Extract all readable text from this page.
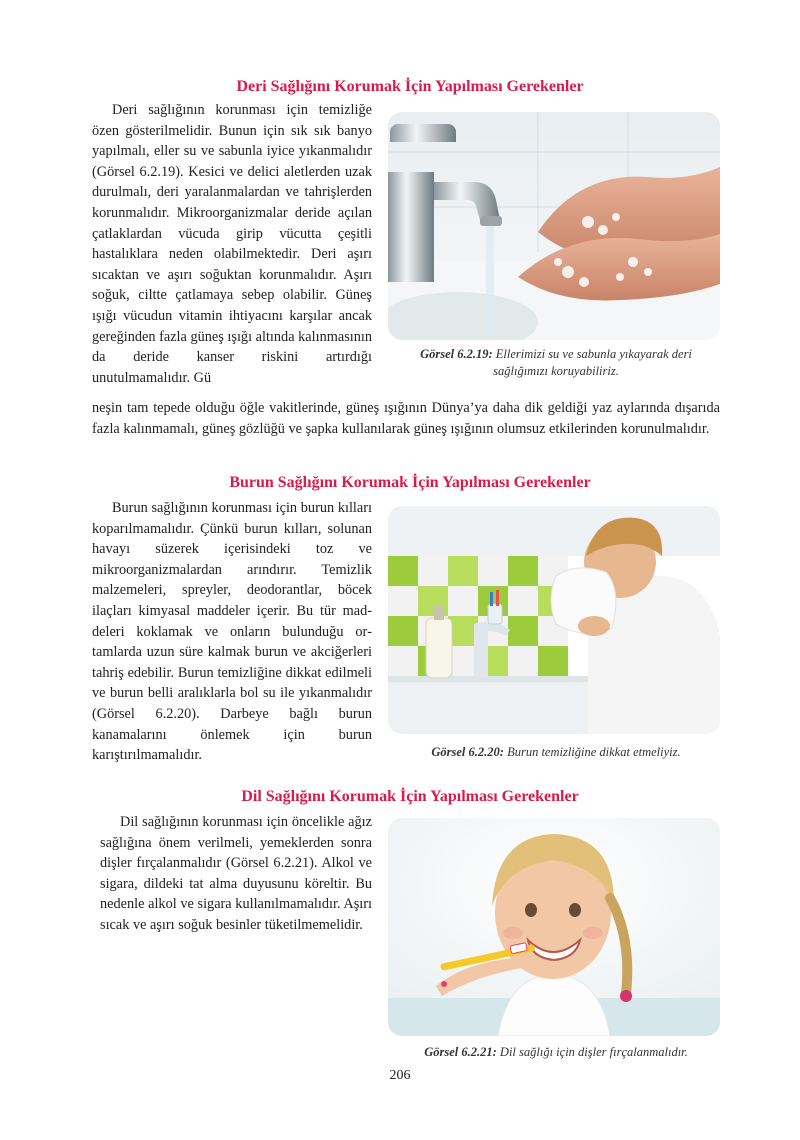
Deri Sağlığını Korumak İçin Yapılması Gerekenler

Deri sağlığının korunması için temizliğe özen gösterilmelidir. Bunun için sık sık banyo yapılmalı, eller su ve sabunla iyice yıkanmalıdır (Görsel 6.2.19). Kesici ve delici aletlerden uzak durulmalı, deri yaralanmalardan ve tahrişlerden korunmalıdır. Mikroorganizmalar deride açılan çatlaklardan vücuda girip vücutta çeşitli hastalıklara neden olabilmektedir. Deri aşırı sıcaktan ve aşırı soğuktan korunmalıdır. Aşırı soğuk, ciltte çatlamaya sebep olabilir. Güneş ışığı vücudun vitamin ihtiyacını karşılar ancak gereğinden fazla güneş ışığı altında kalınmasının da deride kanser riskini artırdığı unutulmamalıdır. Gü

Görsel 6.2.19: Ellerimizi su ve sabunla yıkayarak deri sağlığımızı koruyabiliriz.

neşin tam tepede olduğu öğle vakitlerinde, güneş ışığının Dünya’ya daha dik geldiği yaz aylarında dışarıda fazla kalınmamalı, güneş gözlüğü ve şapka kullanılarak güneş ışığının olumsuz etkilerinden korunulmalıdır.

Burun Sağlığını Korumak İçin Yapılması Gerekenler

Burun sağlığının korunması için burun kılları koparılmamalıdır. Çünkü burun kılları, solunan havayı süzerek içerisindeki toz ve mikroorganizmalardan arındırır. Temizlik malzemeleri, spreyler, deodorantlar, böcek ilaçları kimyasal maddeler içerir. Bu tür maddeleri koklamak ve onların bulunduğu ortamlarda uzun süre kalmak burun ve akciğerleri tahriş edebilir. Burun temizliğine dikkat edilmeli ve burun belli aralıklarla bol su ile yıkanmalıdır (Görsel 6.2.20). Darbeye bağlı burun kanamalarını önlemek için burun karıştırılmamalıdır.	Görsel 6.2.20: Burun temizliğine dikkat etmeliyiz.

Dil Sağlığını Korumak İçin Yapılması Gerekenler

Dil sağlığının korunması için öncelikle ağız sağlığına önem verilmeli, yemeklerden sonra dişler fırçalanmalıdır (Görsel 6.2.21). Alkol ve sigara, dildeki tat alma duyusunu köreltir. Bu nedenle alkol ve sigara kullanılmamalıdır. Aşırı sıcak ve aşırı soğuk besinler tüketilmemelidir.

Görsel 6.2.21: Dil sağlığı için dişler fırçalanmalıdır.

206
